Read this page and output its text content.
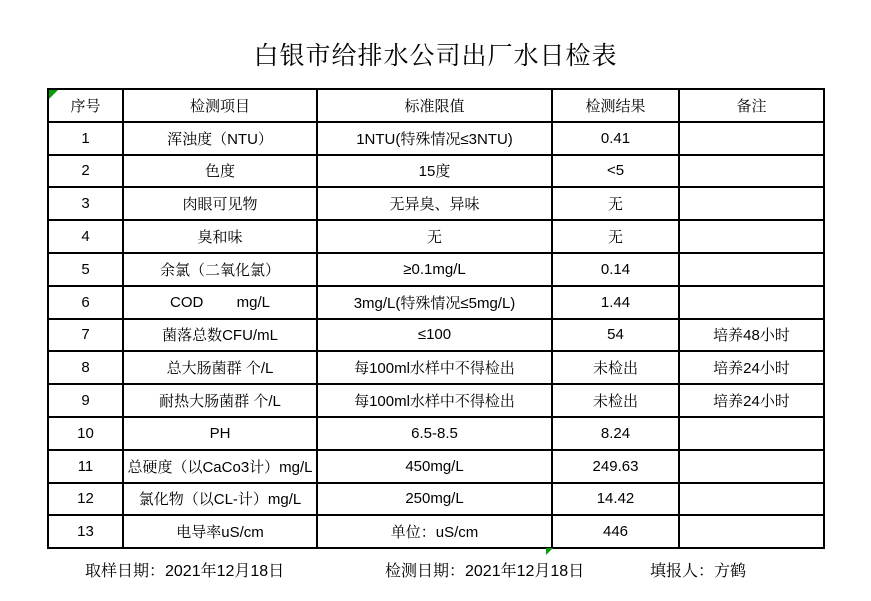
白银市给排水公司出厂水日检表
序号	检测项目	标准限值	检测结果	备注
1	浑浊度（NTU）	1NTU(特殊情况≤3NTU)	0.41	
2	色度	15度	<5	
3	肉眼可见物	无异臭、异味	无	
4	臭和味	无	无	
5	余氯（二氧化氯）	≥0.1mg/L	0.14	
6	COD        mg/L	3mg/L(特殊情况≤5mg/L)	1.44	
7	菌落总数CFU/mL	≤100	54	培养48小时
8	总大肠菌群 个/L	每100ml水样中不得检出	未检出	培养24小时
9	耐热大肠菌群 个/L	每100ml水样中不得检出	未检出	培养24小时
10	PH	6.5-8.5	8.24	
11	总硬度（以CaCo3计）mg/L	450mg/L	249.63	
12	氯化物（以CL-计）mg/L	250mg/L	14.42	
13	电导率uS/cm	单位：uS/cm	446	
取样日期：2021年12月18日	检测日期：2021年12月18日	填报人：方鹤
